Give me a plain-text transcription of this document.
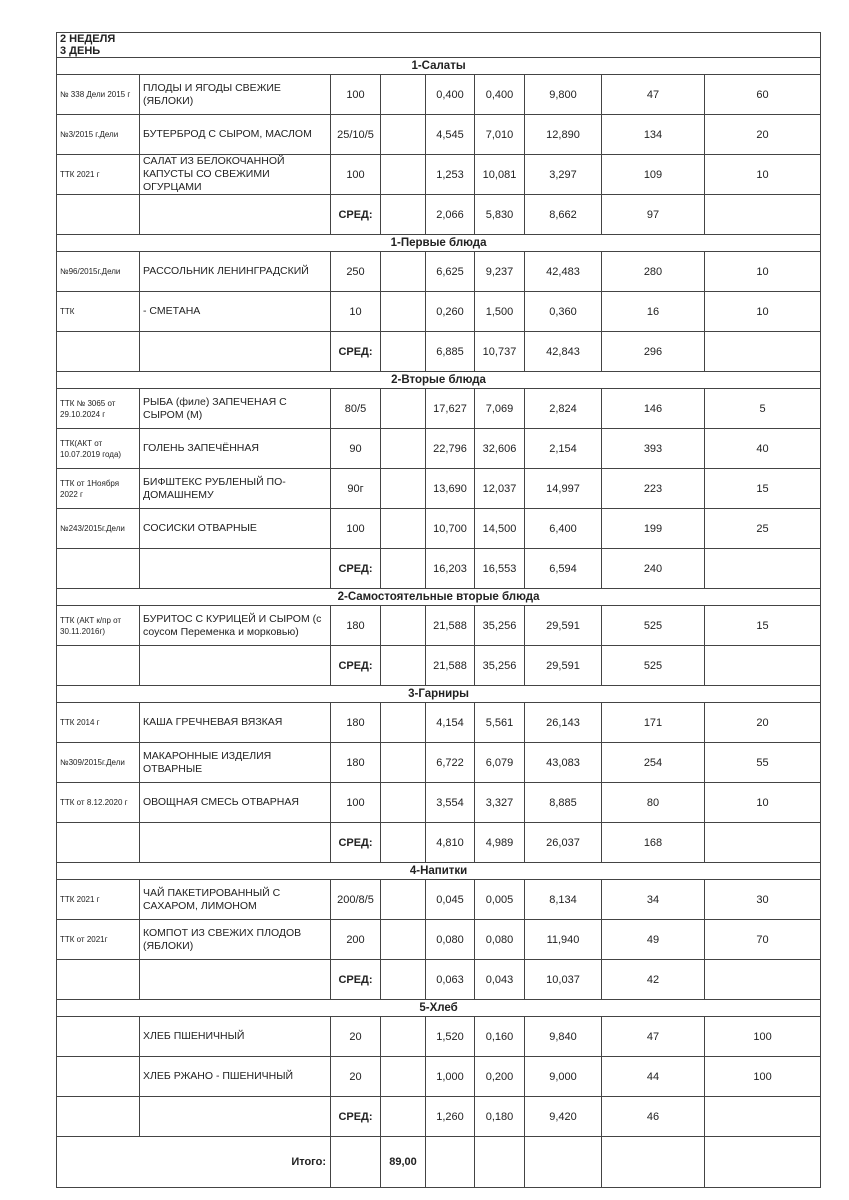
2 НЕДЕЛЯ
3 ДЕНЬ								

1-Салаты								
№ 338 Дели 2015 г	ПЛОДЫ И ЯГОДЫ СВЕЖИЕ (ЯБЛОКИ)	100		0,400	0,400	9,800	47	60
№3/2015 г.Дели	БУТЕРБРОД С СЫРОМ, МАСЛОМ	25/10/5		4,545	7,010	12,890	134	20
ТТК 2021 г	САЛАТ ИЗ БЕЛОКОЧАННОЙ КАПУСТЫ СО СВЕЖИМИ ОГУРЦАМИ	100		1,253	10,081	3,297	109	10
		СРЕД:		2,066	5,830	8,662	97	
1-Первые блюда								
№96/2015г.Дели	РАССОЛЬНИК ЛЕНИНГРАДСКИЙ	250		6,625	9,237	42,483	280	10
ТТК	- СМЕТАНА	10		0,260	1,500	0,360	16	10
		СРЕД:		6,885	10,737	42,843	296	
2-Вторые блюда								
ТТК № 3065 от 29.10.2024 г	РЫБА (филе) ЗАПЕЧЕНАЯ С СЫРОМ (М)	80/5		17,627	7,069	2,824	146	5
ТТК(АКТ от 10.07.2019 года)	ГОЛЕНЬ ЗАПЕЧЁННАЯ	90		22,796	32,606	2,154	393	40
ТТК от 1Ноября 2022 г	БИФШТЕКС РУБЛЕНЫЙ ПО-ДОМАШНЕМУ	90г		13,690	12,037	14,997	223	15
№243/2015г.Дели	СОСИСКИ ОТВАРНЫЕ	100		10,700	14,500	6,400	199	25
		СРЕД:		16,203	16,553	6,594	240	
2-Самостоятельные вторые блюда								
ТТК (АКТ к/пр от 30.11.2016г)	БУРИТОС С КУРИЦЕЙ И СЫРОМ (с соусом Переменка и морковью)	180		21,588	35,256	29,591	525	15
		СРЕД:		21,588	35,256	29,591	525	
3-Гарниры								
ТТК 2014 г	КАША ГРЕЧНЕВАЯ ВЯЗКАЯ	180		4,154	5,561	26,143	171	20
№309/2015г.Дели	МАКАРОННЫЕ ИЗДЕЛИЯ ОТВАРНЫЕ	180		6,722	6,079	43,083	254	55
ТТК от 8.12.2020 г	ОВОЩНАЯ СМЕСЬ ОТВАРНАЯ	100		3,554	3,327	8,885	80	10
		СРЕД:		4,810	4,989	26,037	168	
4-Напитки								
ТТК 2021 г	ЧАЙ ПАКЕТИРОВАННЫЙ С САХАРОМ, ЛИМОНОМ	200/8/5		0,045	0,005	8,134	34	30
ТТК от 2021г	КОМПОТ ИЗ СВЕЖИХ ПЛОДОВ (ЯБЛОКИ)	200		0,080	0,080	11,940	49	70
		СРЕД:		0,063	0,043	10,037	42	
5-Хлеб								
	ХЛЕБ ПШЕНИЧНЫЙ	20		1,520	0,160	9,840	47	100
	ХЛЕБ РЖАНО - ПШЕНИЧНЫЙ	20		1,000	0,200	9,000	44	100
		СРЕД:		1,260	0,180	9,420	46	
Итого:			89,00					
